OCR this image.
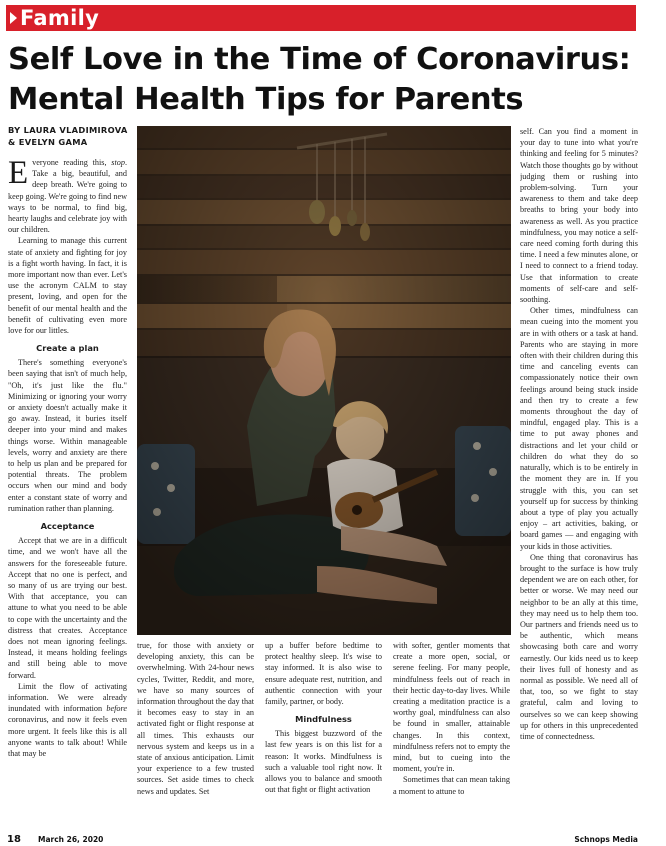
Family
Self Love in the Time of Coronavirus:
Mental Health Tips for Parents
BY LAURA VLADIMIROVA
& EVELYN GAMA

Everyone reading this, stop. Take a big, beautiful, and deep breath. We're going to keep going. We're going to find new ways to be normal, to find big, hearty laughs and celebrate joy with our children.

Learning to manage this current state of anxiety and fighting for joy is a fight worth having. In fact, it is more important now than ever. Let's use the acronym CALM to stay present, loving, and open for the benefit of our mental health and the benefit of cultivating even more love for our littles.

Create a plan

There's something everyone's been saying that isn't of much help, "Oh, it's just like the flu." Minimizing or ignoring your worry or anxiety doesn't actually make it go away. Instead, it buries itself deeper into your mind and makes things worse. Within manageable levels, worry and anxiety are there to help us plan and be prepared for potential threats. The problem occurs when our mind and body enter a constant state of worry and rumination rather than planning.

Acceptance

Accept that we are in a difficult time, and we won't have all the answers for the foreseeable future. Accept that no one is perfect, and so many of us are trying our best. With that acceptance, you can attune to what you need to be able to cope with the uncertainty and the distress that creates. Acceptance does not mean ignoring feelings. Instead, it means holding feelings and still being able to move forward.

Limit the flow of activating information. We were already inundated with information before coronavirus, and now it feels even more urgent. It feels like this is all anyone wants to talk about! While that may be

true, for those with anxiety or developing anxiety, this can be overwhelming. With 24-hour news cycles, Twitter, Reddit, and more, we have so many sources of information throughout the day that it becomes easy to stay in an activated fight or flight response at all times. This exhausts our nervous system and keeps us in a state of anxious anticipation. Limit your experience to a few trusted sources. Set aside times to check news and updates. Set

up a buffer before bedtime to protect healthy sleep. It's wise to stay informed. It is also wise to ensure adequate rest, nutrition, and authentic connection with your family, partner, or body.

Mindfulness

This biggest buzzword of the last few years is on this list for a reason: It works. Mindfulness is such a valuable tool right now. It allows you to balance and smooth out that fight or flight activation

with softer, gentler moments that create a more open, social, or serene feeling. For many people, mindfulness feels out of reach in their hectic day-to-day lives. While creating a meditation practice is a worthy goal, mindfulness can also be found in smaller, attainable changes. In this context, mindfulness refers not to empty the mind, but to cueing into the moment, you're in.

Sometimes that can mean taking a moment to attune to

self. Can you find a moment in your day to tune into what you're thinking and feeling for 5 minutes? Watch those thoughts go by without judging them or rushing into problem-solving. Turn your awareness to them and take deep breaths to bring your body into awareness as well. As you practice mindfulness, you may notice a self-care need coming forth during this time. I need a few minutes alone, or I need to connect to a friend today. Use that information to create moments of self-care and self-soothing.

Other times, mindfulness can mean cueing into the moment you are in with others or a task at hand. Parents who are staying in more often with their children during this time and canceling events can compassionately notice their own feelings around being stuck inside and then try to create a few moments throughout the day of mindful, engaged play. This is a time to put away phones and distractions and let your child or children do what they do so naturally, which is to be entirely in the moment they are in. If you struggle with this, you can set yourself up for success by thinking about a type of play you actually enjoy – art activities, baking, or board games — and engaging with your kids in those activities.

One thing that coronavirus has brought to the surface is how truly dependent we are on each other, for better or worse. We may need our neighbor to be an ally at this time, they may need us to help them too. Our partners and friends need us to be authentic, which means showcasing both care and worry earnestly. Our kids need us to keep their lives full of honesty and as normal as possible. We need all of that, too, so we fight to stay grateful, calm and loving to ourselves so we can keep showing up for others in this unprecedented time of connectedness.

18 March 26, 2020	Schnops Media
